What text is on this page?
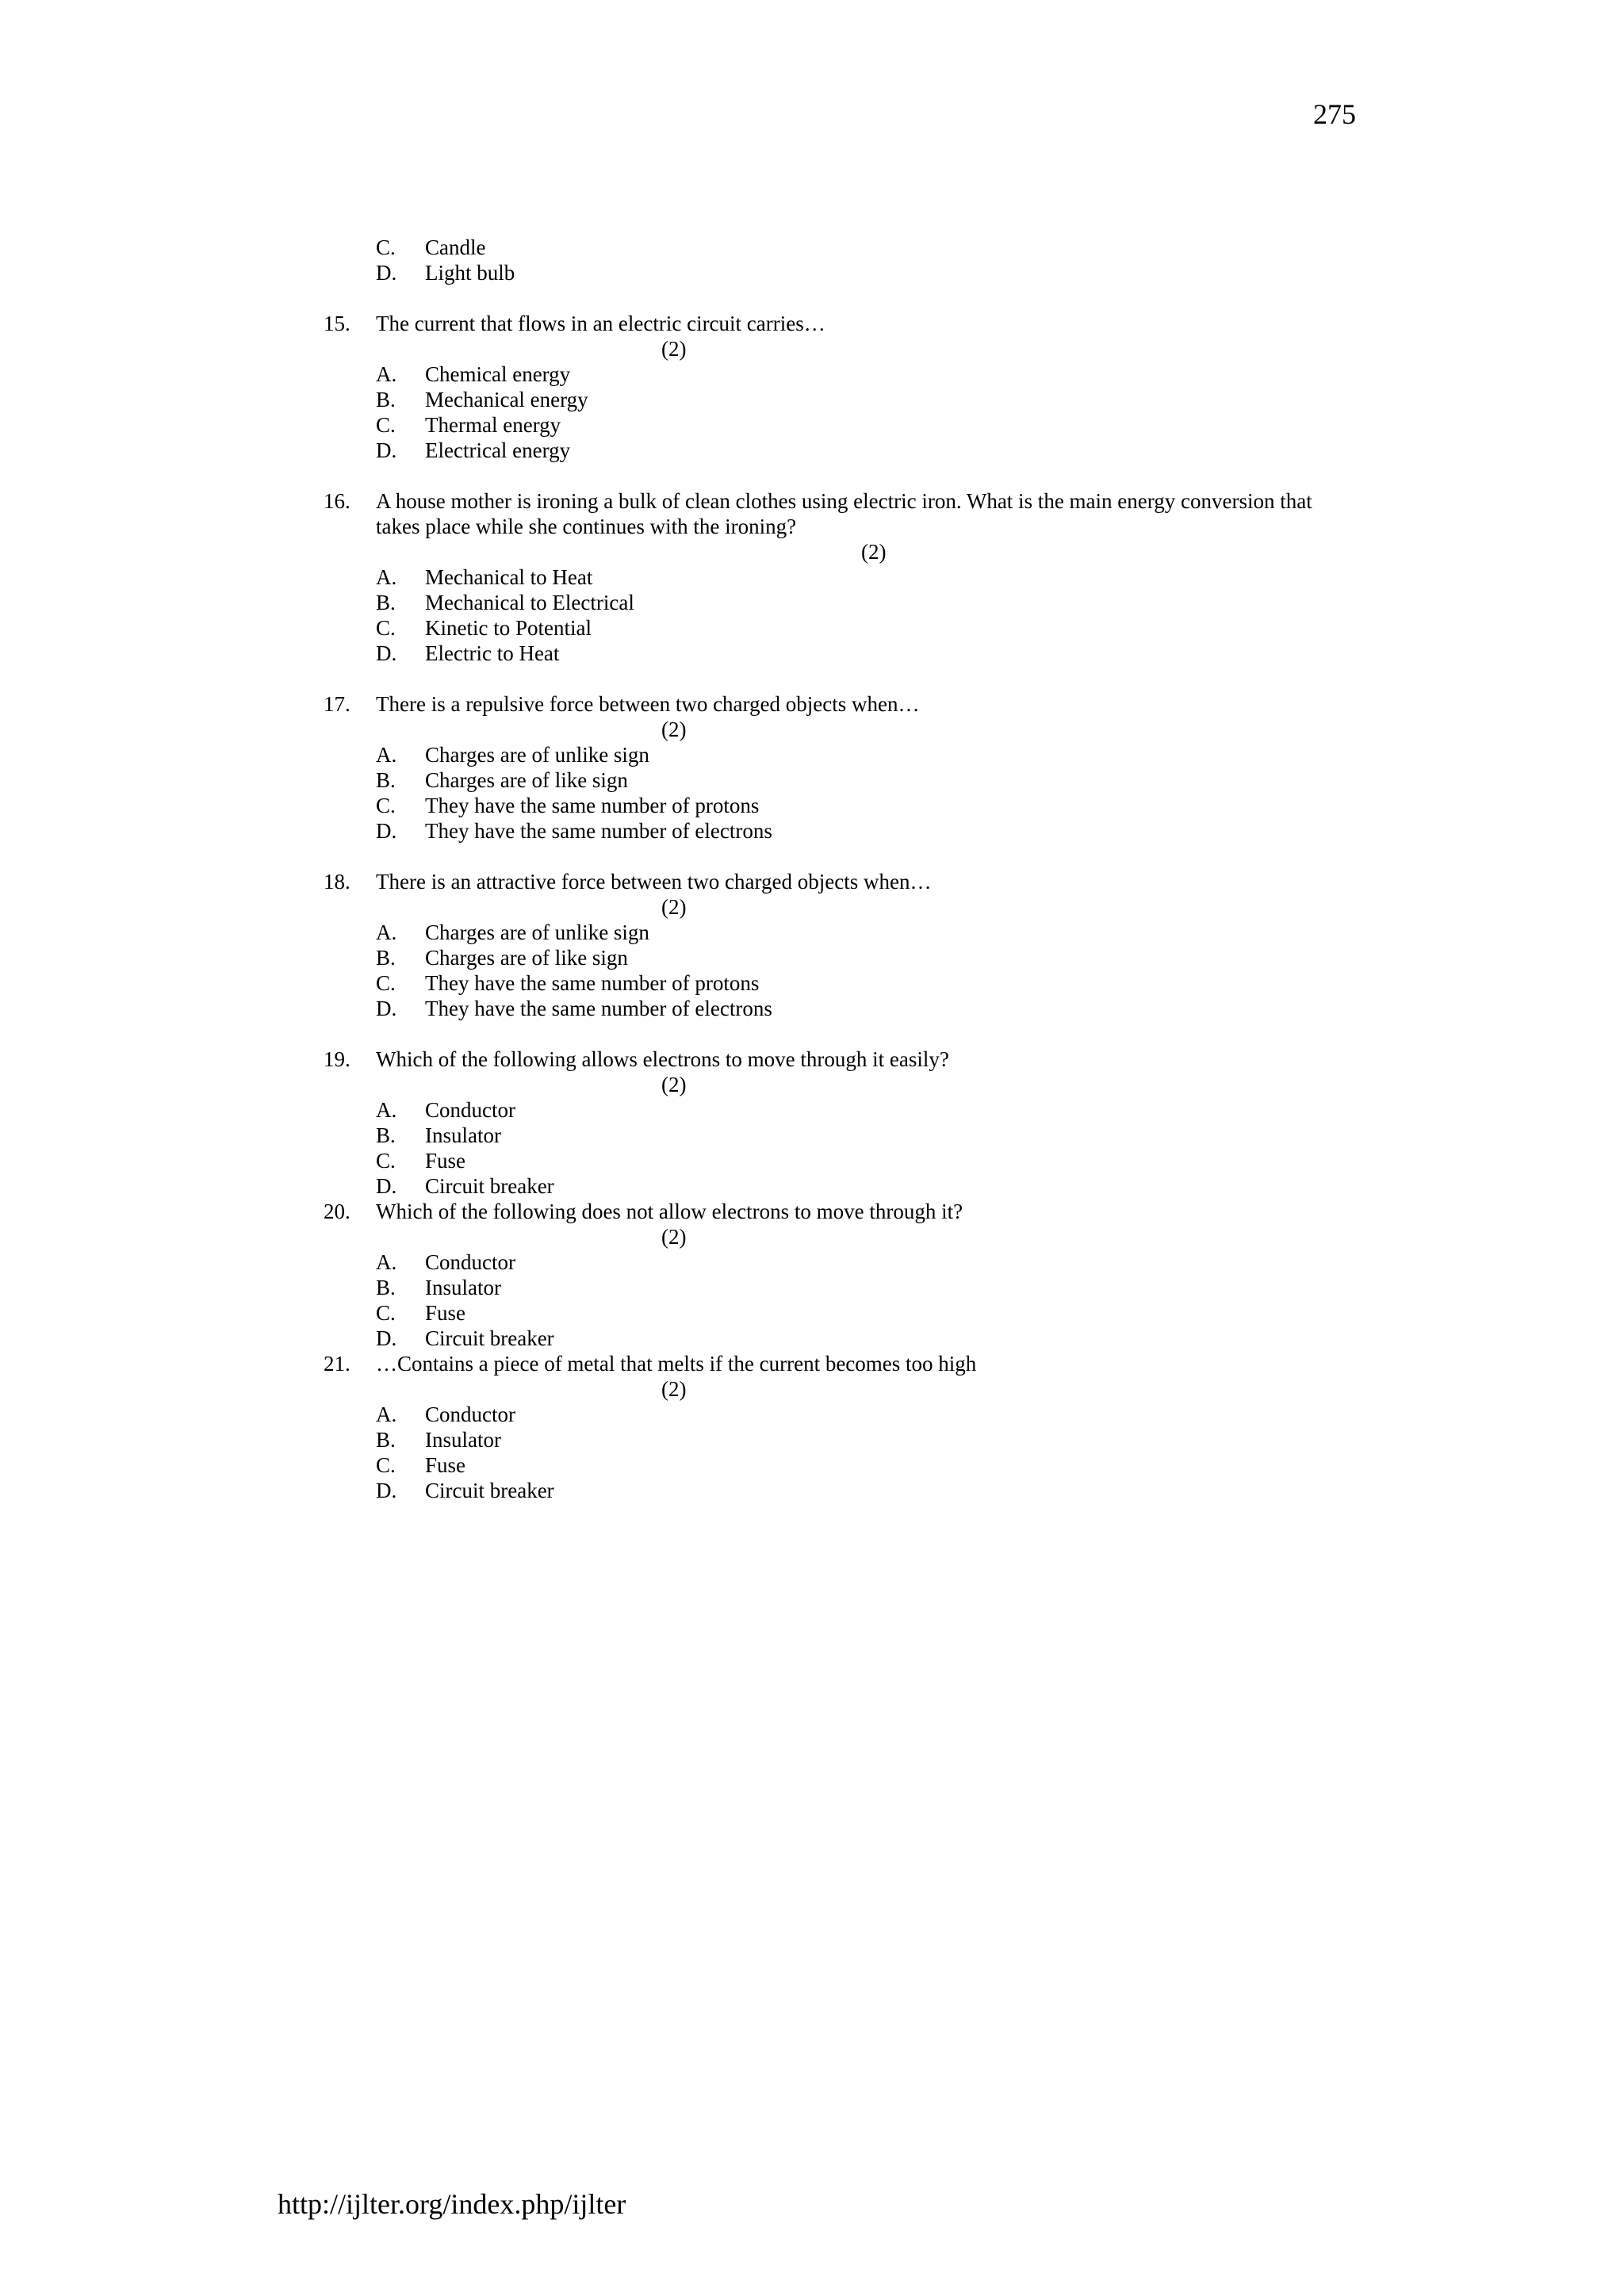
275
C. Candle
D. Light bulb
15. The current that flows in an electric circuit carries…
(2)
A. Chemical energy
B. Mechanical energy
C. Thermal energy
D. Electrical energy
16. A house mother is ironing a bulk of clean clothes using electric iron. What is the main energy conversion that takes place while she continues with the ironing?
(2)
A. Mechanical to Heat
B. Mechanical to Electrical
C. Kinetic to Potential
D. Electric to Heat
17. There is a repulsive force between two charged objects when…
(2)
A. Charges are of unlike sign
B. Charges are of like sign
C. They have the same number of protons
D. They have the same number of electrons
18. There is an attractive force between two charged objects when…
(2)
A. Charges are of unlike sign
B. Charges are of like sign
C. They have the same number of protons
D. They have the same number of electrons
19. Which of the following allows electrons to move through it easily?
(2)
A. Conductor
B. Insulator
C. Fuse
D. Circuit breaker
20. Which of the following does not allow electrons to move through it?
(2)
A. Conductor
B. Insulator
C. Fuse
D. Circuit breaker
21. …Contains a piece of metal that melts if the current becomes too high
(2)
A. Conductor
B. Insulator
C. Fuse
D. Circuit breaker
http://ijlter.org/index.php/ijlter
